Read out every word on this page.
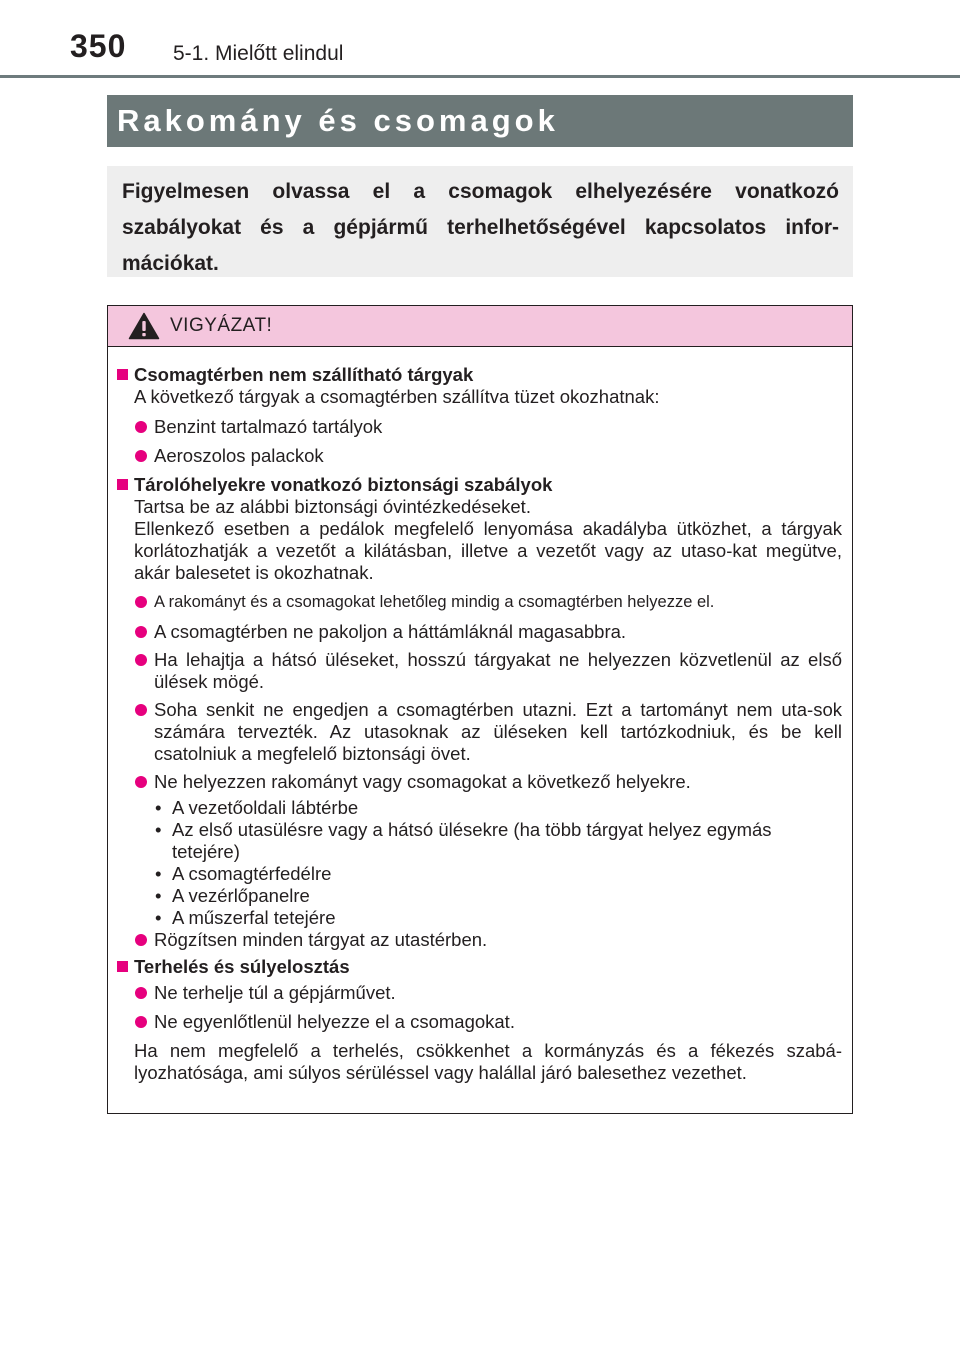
350 5-1. Mielőtt elindul
Rakomány és csomagok
Figyelmesen olvassa el a csomagok elhelyezésére vonatkozó szabályokat és a gépjármű terhelhetőségével kapcsolatos infor-mációkat.
VIGYÁZAT!
Csomagtérben nem szállítható tárgyak
A következő tárgyak a csomagtérben szállítva tüzet okozhatnak:
Benzint tartalmazó tartályok
Aeroszolos palackok
Tárolóhelyekre vonatkozó biztonsági szabályok
Tartsa be az alábbi biztonsági óvintézkedéseket.
Ellenkező esetben a pedálok megfelelő lenyomása akadályba ütközhet, a tárgyak korlátozhatják a vezetőt a kilátásban, illetve a vezetőt vagy az utaso-kat megütve, akár balesetet is okozhatnak.
A rakományt és a csomagokat lehetőleg mindig a csomagtérben helyezze el.
A csomagtérben ne pakoljon a háttámláknál magasabbra.
Ha lehajtja a hátsó üléseket, hosszú tárgyakat ne helyezzen közvetlenül az első ülések mögé.
Soha senkit ne engedjen a csomagtérben utazni. Ezt a tartományt nem uta-sok számára tervezték. Az utasoknak az üléseken kell tartózkodniuk, és be kell csatolniuk a megfelelő biztonsági övet.
Ne helyezzen rakományt vagy csomagokat a következő helyekre.
• A vezetőoldali lábtérbe
• Az első utasülésre vagy a hátsó ülésekre (ha több tárgyat helyez egymás tetejére)
• A csomagtérfedélre
• A vezérlőpanelre
• A műszerfal tetejére
Rögzítsen minden tárgyat az utastérben.
Terhelés és súlyelosztás
Ne terhelje túl a gépjárművet.
Ne egyenlőtlenül helyezze el a csomagokat.
Ha nem megfelelő a terhelés, csökkenhet a kormányzás és a fékezés szabá-lyozhatósága, ami súlyos sérüléssel vagy halállal járó balesethez vezethet.
